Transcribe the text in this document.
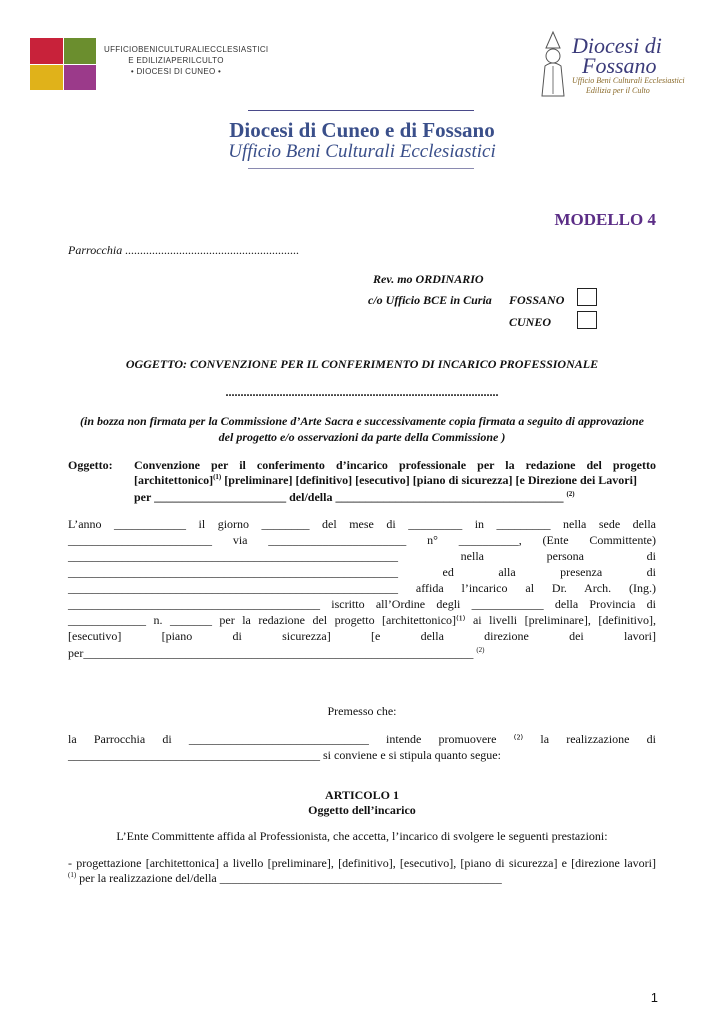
UFFICIOBENICULTURALIECCLESIASTICI
E EDILIZIAPERILCULTO
• DIOCESI DI CUNEO •
Diocesi di
Fossano
Ufficio Beni Culturali Ecclesiastici
Edilizia per il Culto
Diocesi di Cuneo e di Fossano
Ufficio Beni Culturali Ecclesiastici
MODELLO 4
Parrocchia ..........................................................
Rev. mo ORDINARIO
c/o Ufficio BCE in Curia FOSSANO
CUNEO
OGGETTO: CONVENZIONE PER IL CONFERIMENTO DI INCARICO PROFESSIONALE
...........................................................................................
(in bozza non firmata per la Commissione d’Arte Sacra e successivamente copia firmata a seguito di approvazione
del progetto e/o osservazioni da parte della Commissione )
Oggetto: Convenzione per il conferimento d’incarico professionale per la redazione del progetto
[architettonico]$^{(1)}$ [preliminare] [definitivo] [esecutivo] [piano di sicurezza] [e Direzione dei Lavori]
per ______________________ del/della ______________________________________ $^{(2)}$
L’anno ____________ il giorno ________ del mese di _________ in _________ nella sede della
________________________ via _______________________ n° __________, (Ente Committente)
_______________________________________________________ nella persona di
_______________________________________________________ ed alla presenza di
_______________________________________________________ affida l’incarico al Dr. Arch. (Ing.)
__________________________________________ iscritto all’Ordine degli ____________ della Provincia di
_____________ n. _______ per la redazione del progetto [architettonico]⁽¹⁾ ai livelli [preliminare], [definitivo],
[esecutivo] [piano di sicurezza] [e della direzione dei lavori]
per_________________________________________________________________ $^{(2)}$
Premesso che:
la Parrocchia di ______________________________ intende promuovere ⁽²⁾ la realizzazione di
__________________________________________ si conviene e si stipula quanto segue:
ARTICOLO 1
Oggetto dell’incarico
L’Ente Committente affida al Professionista, che accetta, l’incarico di svolgere le seguenti prestazioni:
- progettazione [architettonica] a livello [preliminare], [definitivo], [esecutivo], [piano di sicurezza] e [direzione lavori]
$^{(1)}$ per la realizzazione del/della _______________________________________________
1
